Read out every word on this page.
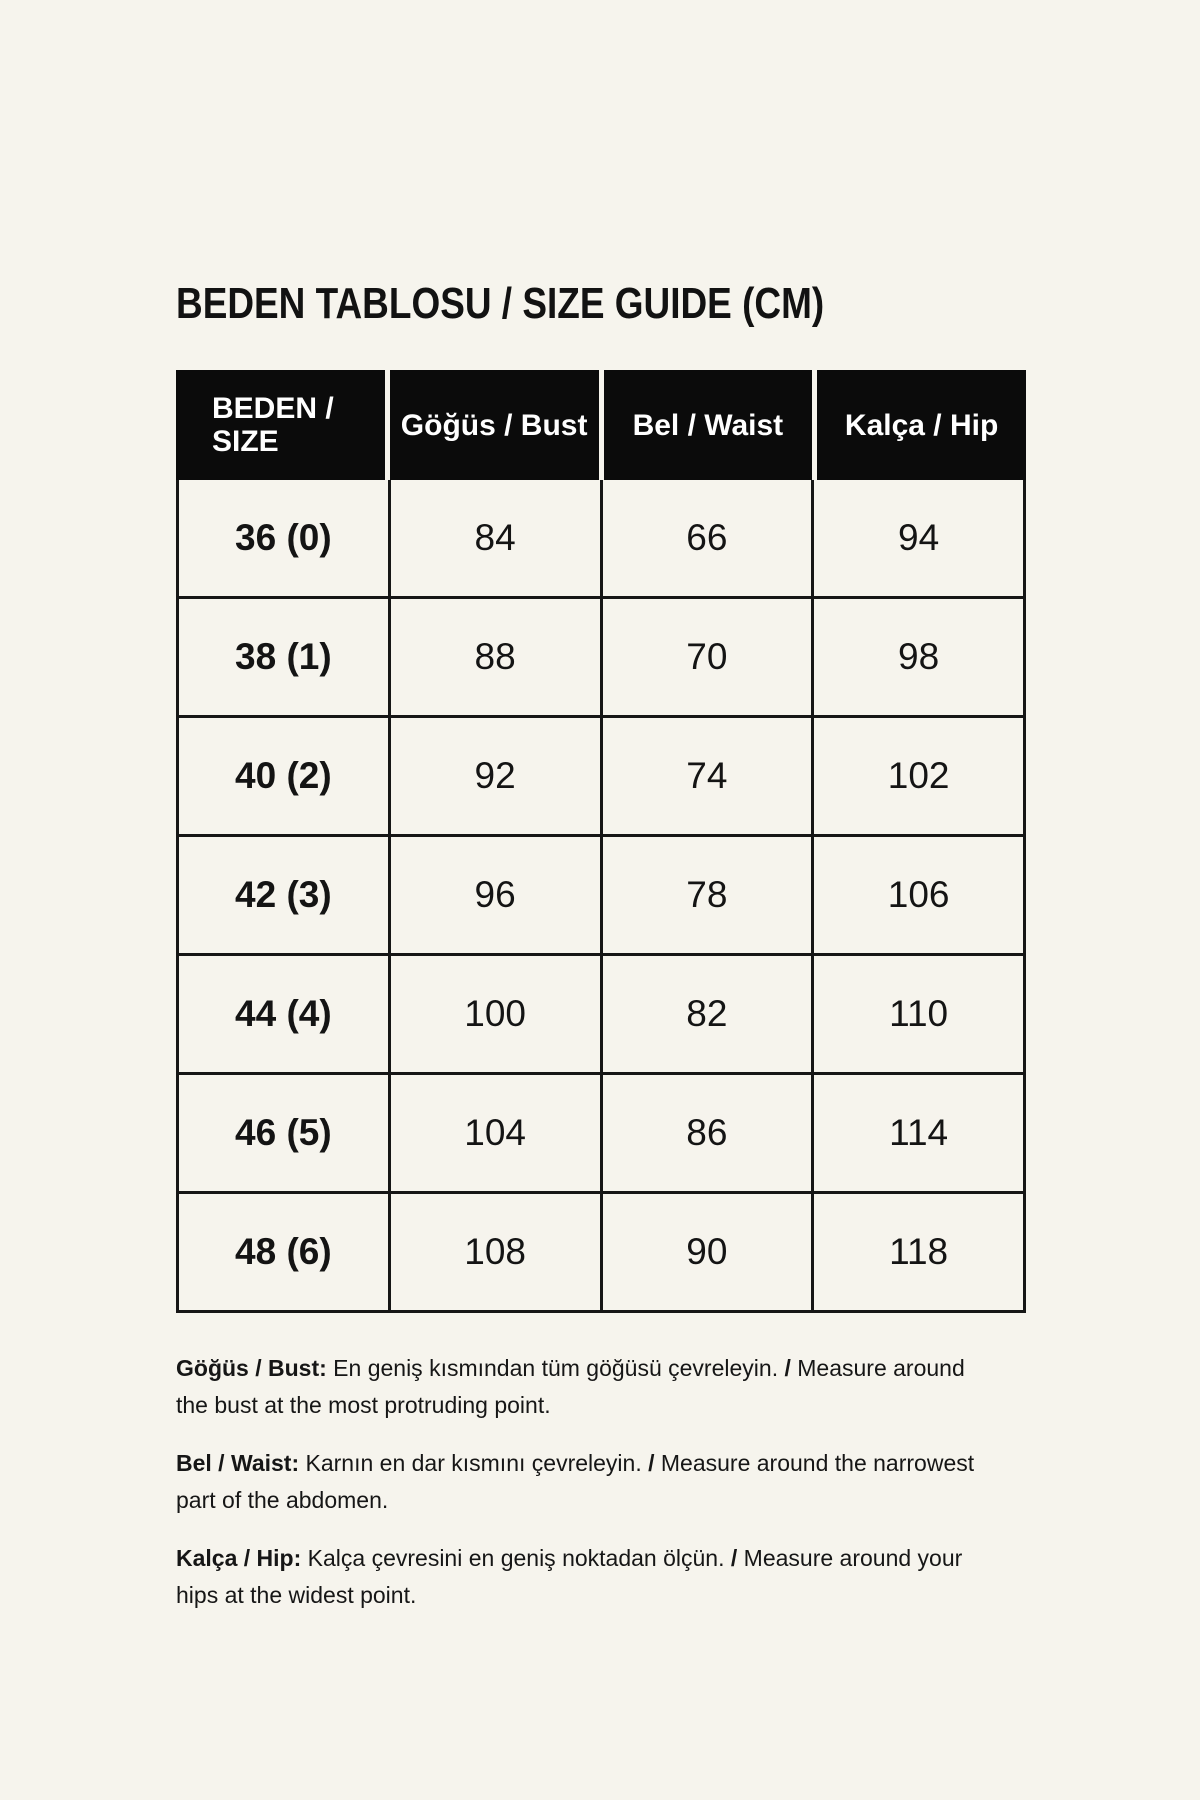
BEDEN TABLOSU / SIZE GUIDE (CM)
BEDEN /
SIZE	Göğüs / Bust	Bel / Waist	Kalça / Hip
36 (0)	84	66	94
38 (1)	88	70	98
40 (2)	92	74	102
42 (3)	96	78	106
44 (4)	100	82	110
46 (5)	104	86	114
48 (6)	108	90	118

Göğüs / Bust: En geniş kısmından tüm göğüsü çevreleyin. / Measure around the bust at the most protruding point.

Bel / Waist: Karnın en dar kısmını çevreleyin. / Measure around the narrowest part of the abdomen.

Kalça / Hip: Kalça çevresini en geniş noktadan ölçün. / Measure around your hips at the widest point.
